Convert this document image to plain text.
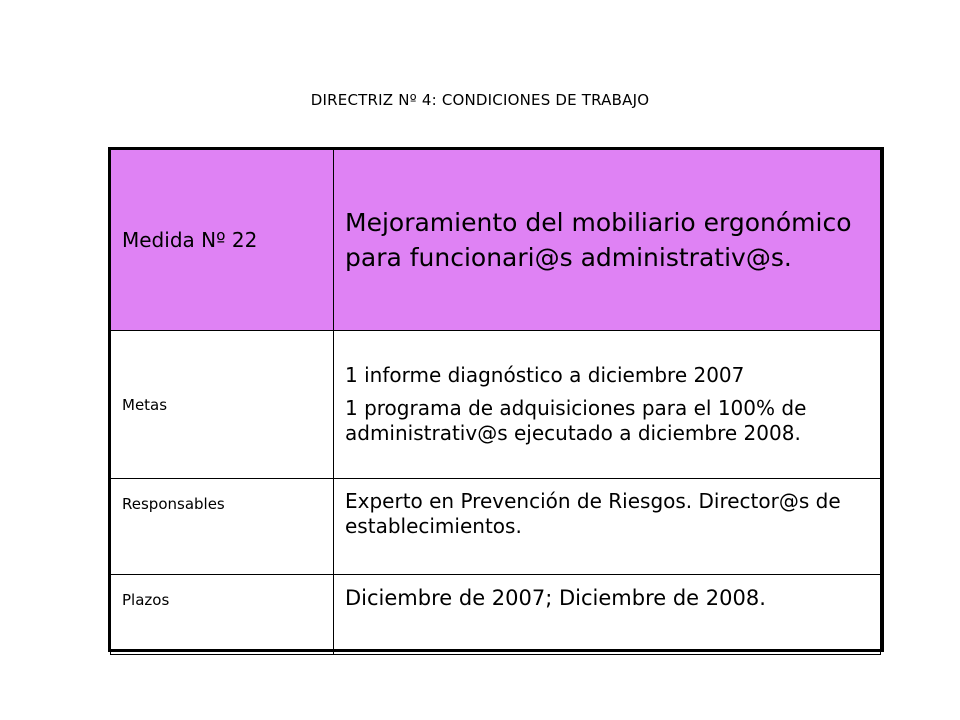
DIRECTRIZ Nº 4: CONDICIONES DE TRABAJO
Medida Nº 22	Mejoramiento del mobiliario ergonómico para funcionari@s administrativ@s.
Metas	1 informe diagnóstico a diciembre 2007
1 programa de adquisiciones para el 100% de administrativ@s ejecutado a diciembre 2008.

Responsables	Experto en Prevención de Riesgos. Director@s de establecimientos.
Plazos	Diciembre de 2007; Diciembre de 2008.
